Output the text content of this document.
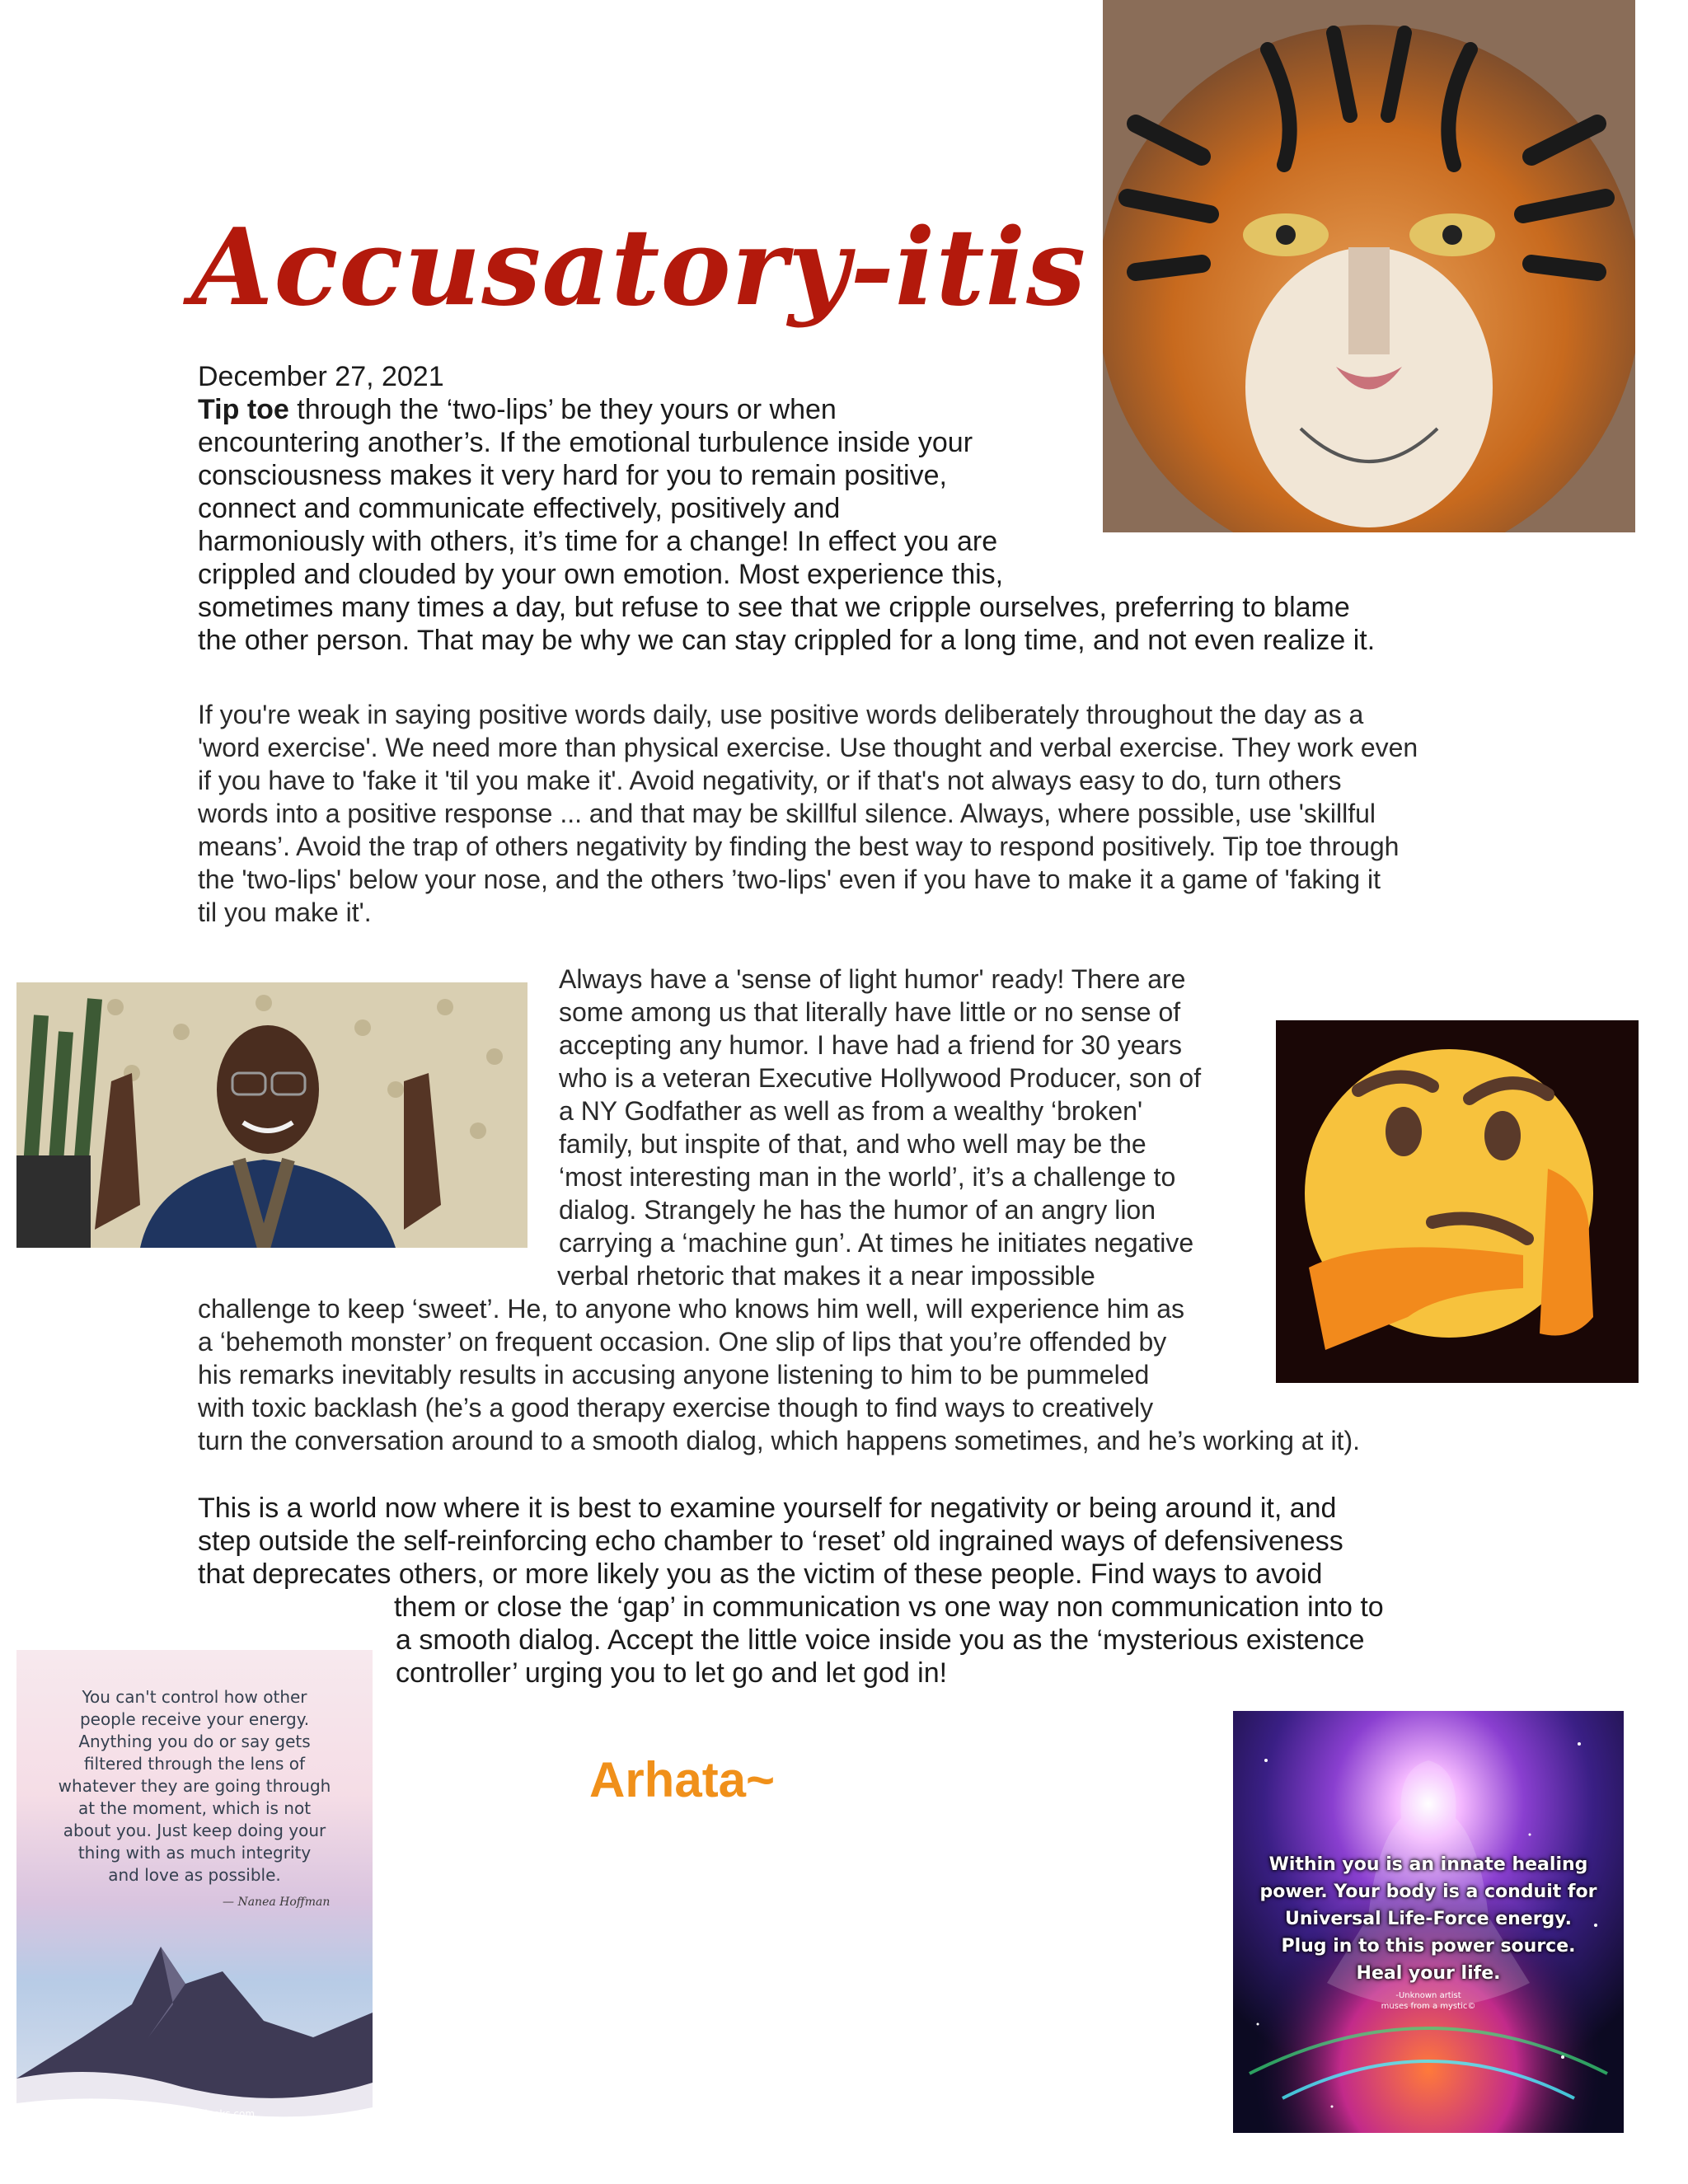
Accusatory-itis
December 27, 2021
Tip toe through the ‘two-lips’ be they yours or when
encountering another’s. If the emotional turbulence inside your
consciousness makes it very hard for you to remain positive,
connect and communicate effectively, positively and
harmoniously with others, it’s time for a change! In effect you are
crippled and clouded by your own emotion. Most experience this,
sometimes many times a day, but refuse to see that we cripple ourselves, preferring to blame
the other person. That may be why we can stay crippled for a long time, and not even realize it.
If you're weak in saying positive words daily, use positive words deliberately throughout the day as a
'word exercise'. We need more than physical exercise. Use thought and verbal exercise. They work even
if you have to 'fake it 'til you make it'. Avoid negativity, or if that's not always easy to do, turn others
words into a positive response ... and that may be skillful silence. Always, where possible, use 'skillful
means’. Avoid the trap of others negativity by finding the best way to respond positively. Tip toe through
the 'two-lips' below your nose, and the others ’two-lips' even if you have to make it a game of 'faking it
til you make it'.
Always have a 'sense of light humor' ready! There are
some among us that literally have little or no sense of
accepting any humor. I have had a friend for 30 years
who is a veteran Executive Hollywood Producer, son of
a NY Godfather as well as from a wealthy ‘broken'
family, but inspite of that, and who well may be the
‘most interesting man in the world’, it’s a challenge to
dialog. Strangely he has the humor of an angry lion
carrying a ‘machine gun’. At times he initiates negative
verbal rhetoric that makes it a near impossible
challenge to keep ‘sweet’. He, to anyone who knows him well, will experience him as
a ‘behemoth monster’ on frequent occasion. One slip of lips that you’re offended by
his remarks inevitably results in accusing anyone listening to him to be pummeled
with toxic backlash (he’s a good therapy exercise though to find ways to creatively
turn the conversation around to a smooth dialog, which happens sometimes, and he’s working at it).
This is a world now where it is best to examine yourself for negativity or being around it, and
step outside the self-reinforcing echo chamber to ‘reset’ old ingrained ways of defensiveness
that deprecates others, or more likely you as the victim of these people. Find ways to avoid
them or close the ‘gap’ in communication vs one way non communication into to
a smooth dialog. Accept the little voice inside you as the ‘mysterious existence
controller’ urging you to let go and let god in!
You can't control how other
people receive your energy.
Anything you do or say gets
filtered through the lens of
whatever they are going through
at the moment, which is not
about you. Just keep doing your
thing with as much integrity
and love as possible.
— Nanea Hoffman
MyPositiveOutlooks.com
Arhata~
Within you is an innate healing
power. Your body is a conduit for
Universal Life-Force energy.
Plug in to this power source.
Heal your life.
-Unknown artist
muses from a mystic©
